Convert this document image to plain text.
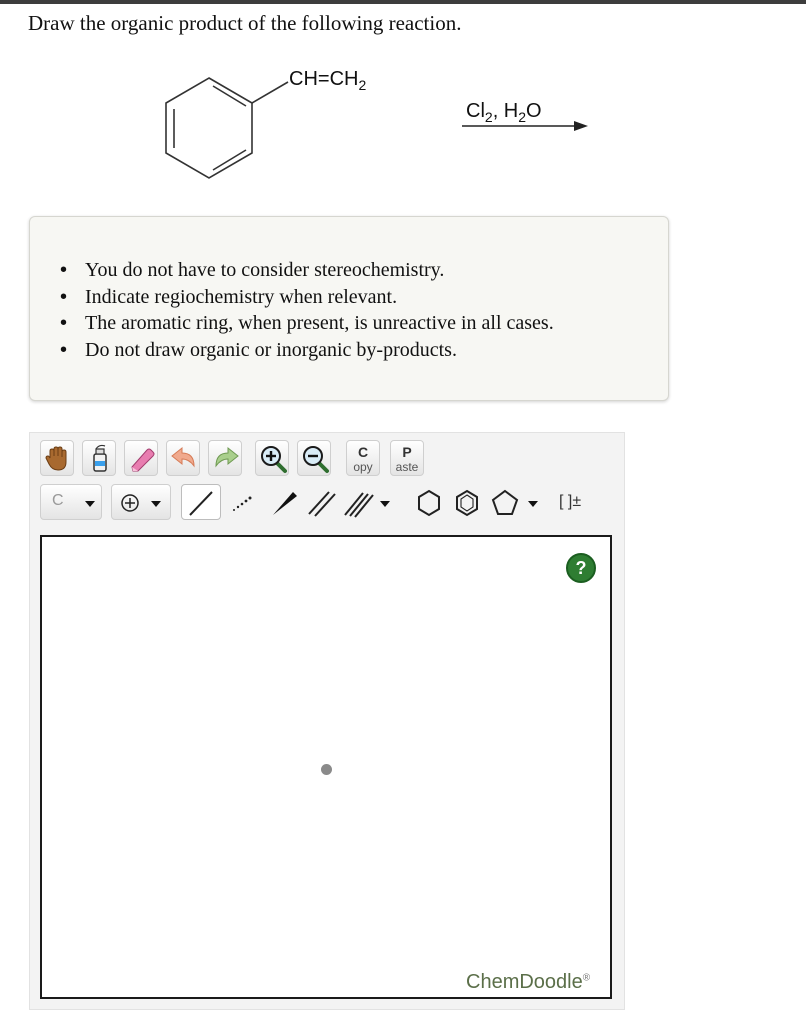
Draw the organic product of the following reaction.
$CH=CH_2$
$Cl_2$, $H_2O$
• You do not have to consider stereochemistry.
• Indicate regiochemistry when relevant.
• The aromatic ring, when present, is unreactive in all cases.
• Do not draw organic or inorganic by-products.
C
opy
P
aste
C	[ ]±
?
ChemDoodle®
